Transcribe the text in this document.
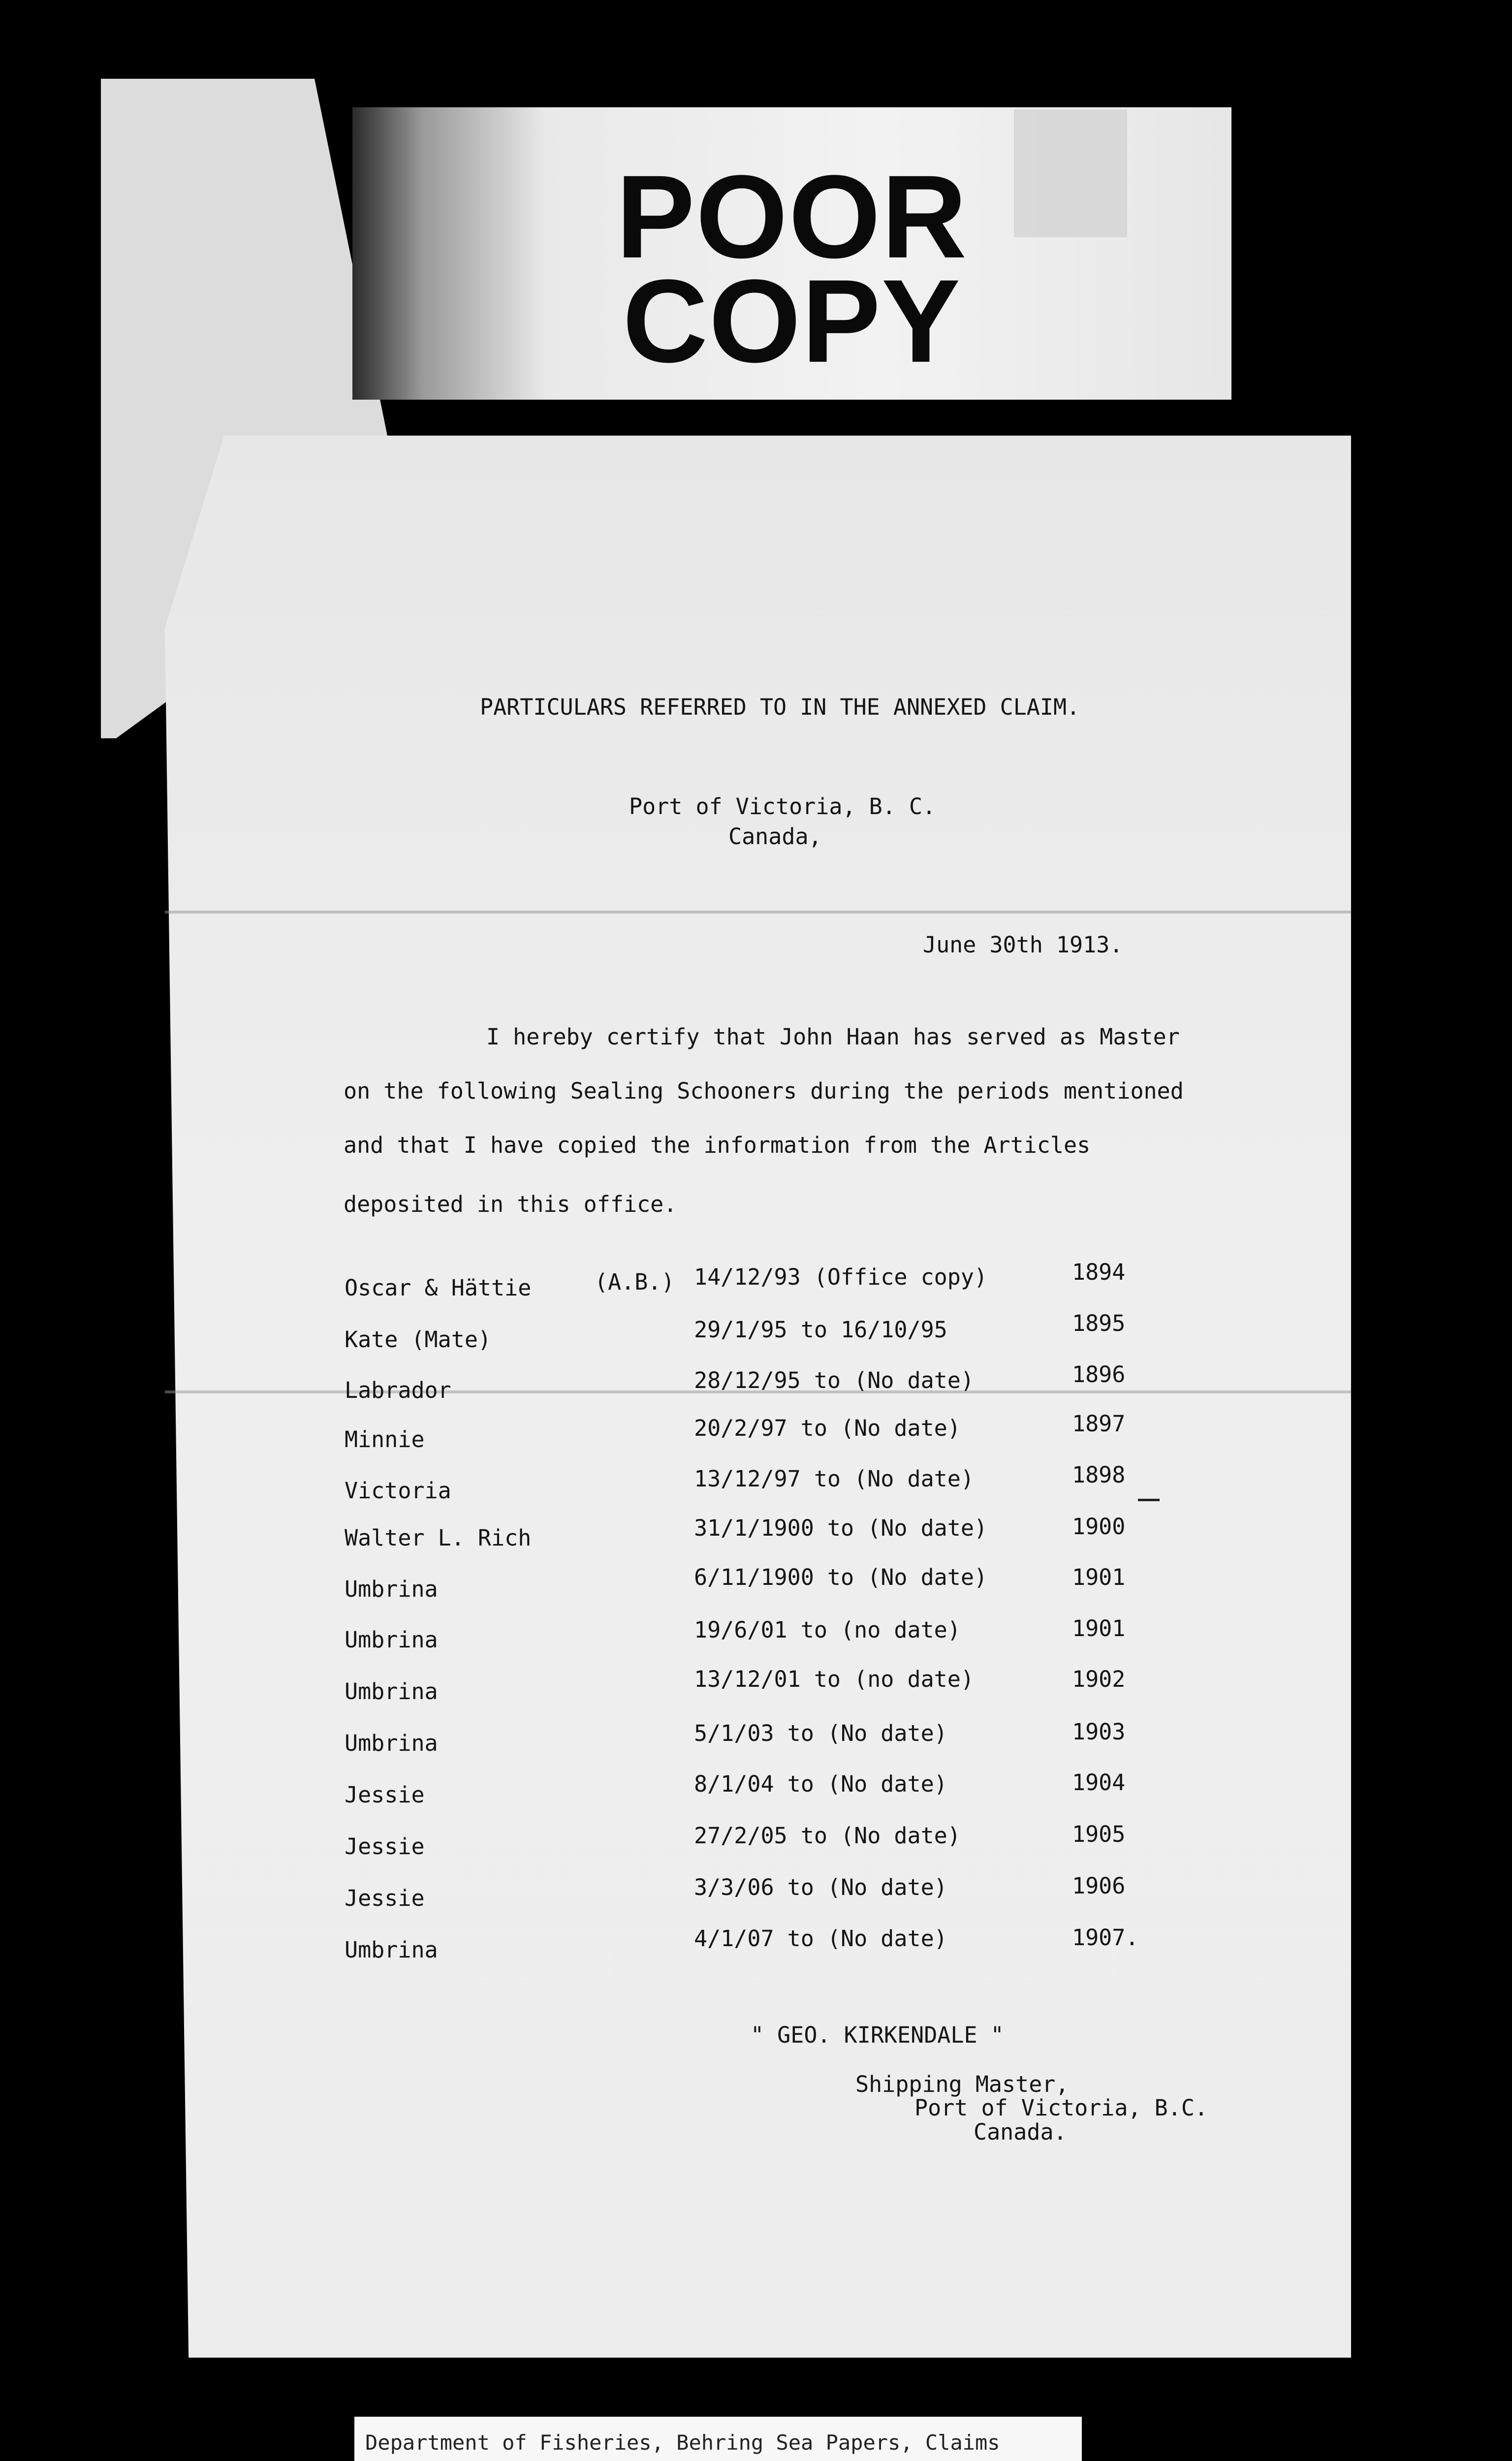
POOR
COPY
PARTICULARS REFERRED TO IN THE ANNEXED CLAIM.
Port of Victoria, B. C.
Canada,
June 30th 1913.
I hereby certify that John Haan has served as Master
on the following Sealing Schooners during the periods mentioned
and that I have copied the information from the Articles
deposited in this office.
Oscar & Hättie	(A.B.) 14/12/93 (Office copy)	1894
Kate (Mate)	29/1/95 to 16/10/95	1895
Labrador	28/12/95 to (No date)	1896
Minnie	20/2/97 to (No date)	1897
Victoria	13/12/97 to (No date)	1898
Walter L. Rich	31/1/1900 to (No date)	1900
Umbrina	6/11/1900 to (No date)	1901
Umbrina	19/6/01 to (no date)	1901
Umbrina	13/12/01 to (no date)	1902
Umbrina	5/1/03 to (No date)	1903
Jessie	8/1/04 to (No date)	1904
Jessie	27/2/05 to (No date)	1905
Jessie	3/3/06 to (No date)	1906
Umbrina	4/1/07 to (No date)	1907.
" GEO. KIRKENDALE "
Shipping Master,
Port of Victoria, B.C.
Canada.
Department of Fisheries, Behring Sea Papers, Claims
